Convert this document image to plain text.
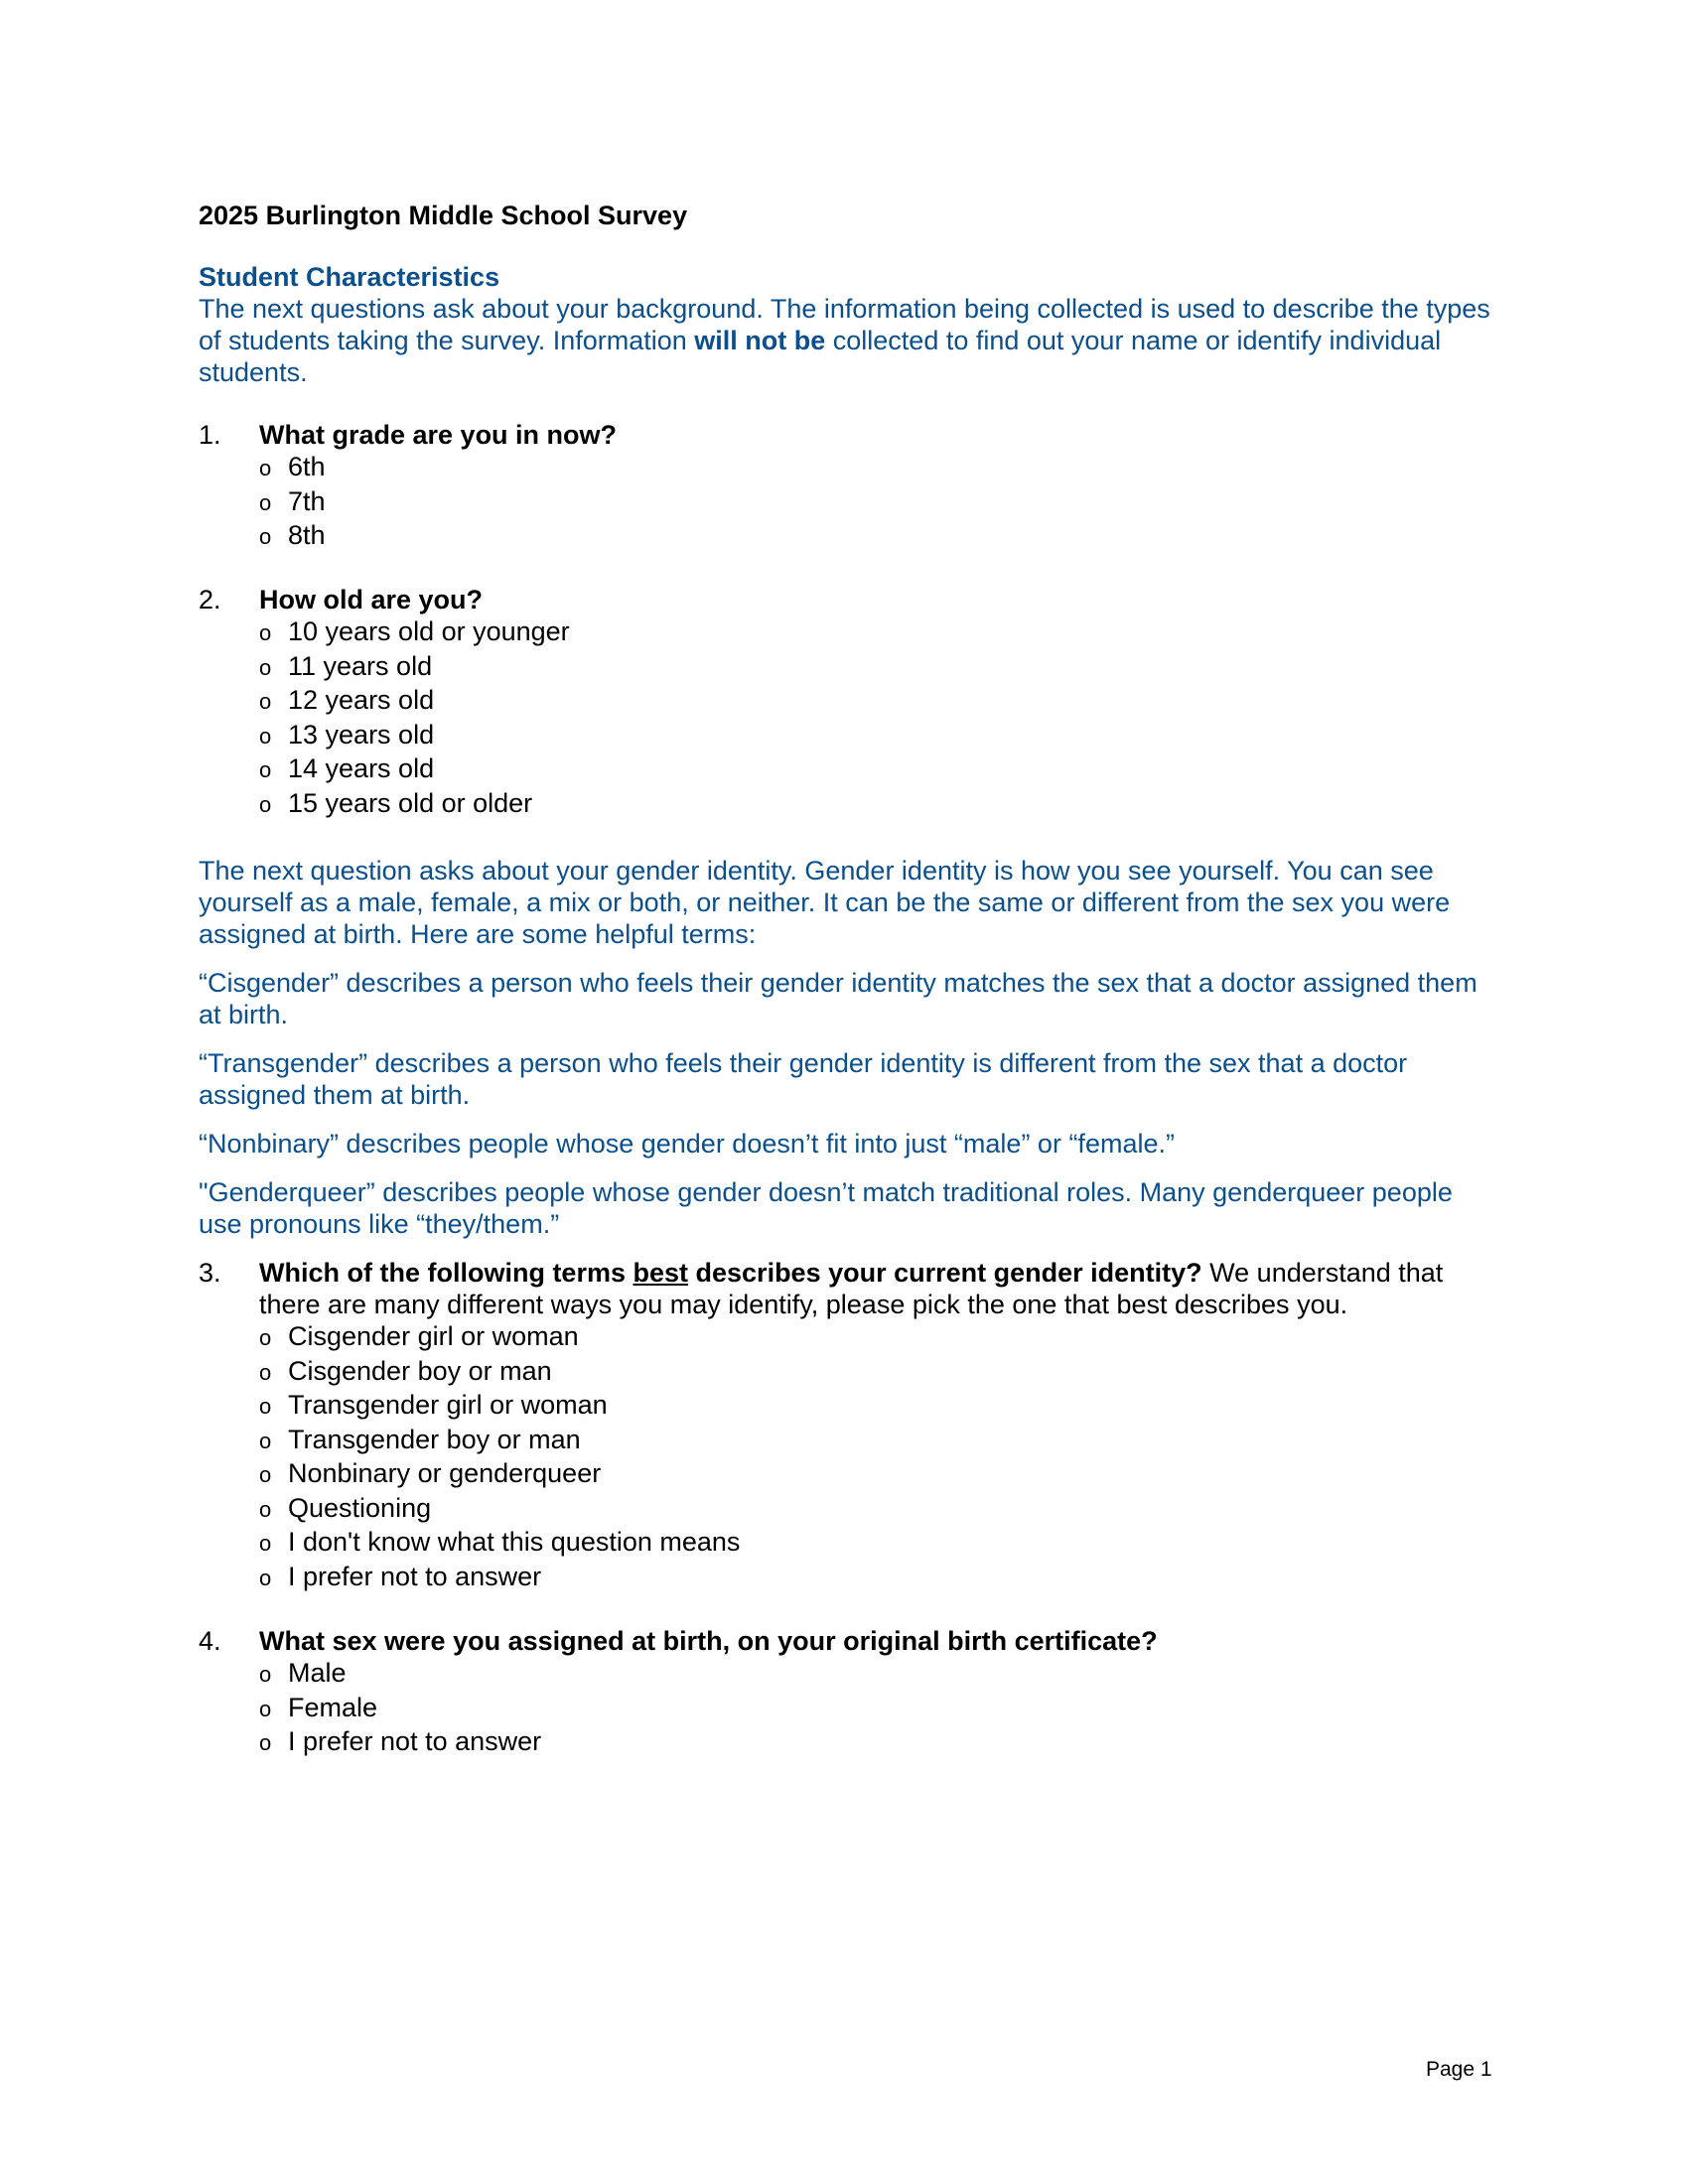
2025 Burlington Middle School Survey
Student Characteristics
The next questions ask about your background. The information being collected is used to describe the types of students taking the survey. Information will not be collected to find out your name or identify individual students.
1. What grade are you in now?
o 6th
o 7th
o 8th
2. How old are you?
o 10 years old or younger
o 11 years old
o 12 years old
o 13 years old
o 14 years old
o 15 years old or older
The next question asks about your gender identity. Gender identity is how you see yourself. You can see yourself as a male, female, a mix or both, or neither. It can be the same or different from the sex you were assigned at birth. Here are some helpful terms:
“Cisgender” describes a person who feels their gender identity matches the sex that a doctor assigned them at birth.
“Transgender” describes a person who feels their gender identity is different from the sex that a doctor assigned them at birth.
“Nonbinary” describes people whose gender doesn’t fit into just “male” or “female.”
"Genderqueer” describes people whose gender doesn’t match traditional roles. Many genderqueer people use pronouns like “they/them.”
3. Which of the following terms best describes your current gender identity? We understand that there are many different ways you may identify, please pick the one that best describes you.
o Cisgender girl or woman
o Cisgender boy or man
o Transgender girl or woman
o Transgender boy or man
o Nonbinary or genderqueer
o Questioning
o I don't know what this question means
o I prefer not to answer
4. What sex were you assigned at birth, on your original birth certificate?
o Male
o Female
o I prefer not to answer
Page 1
